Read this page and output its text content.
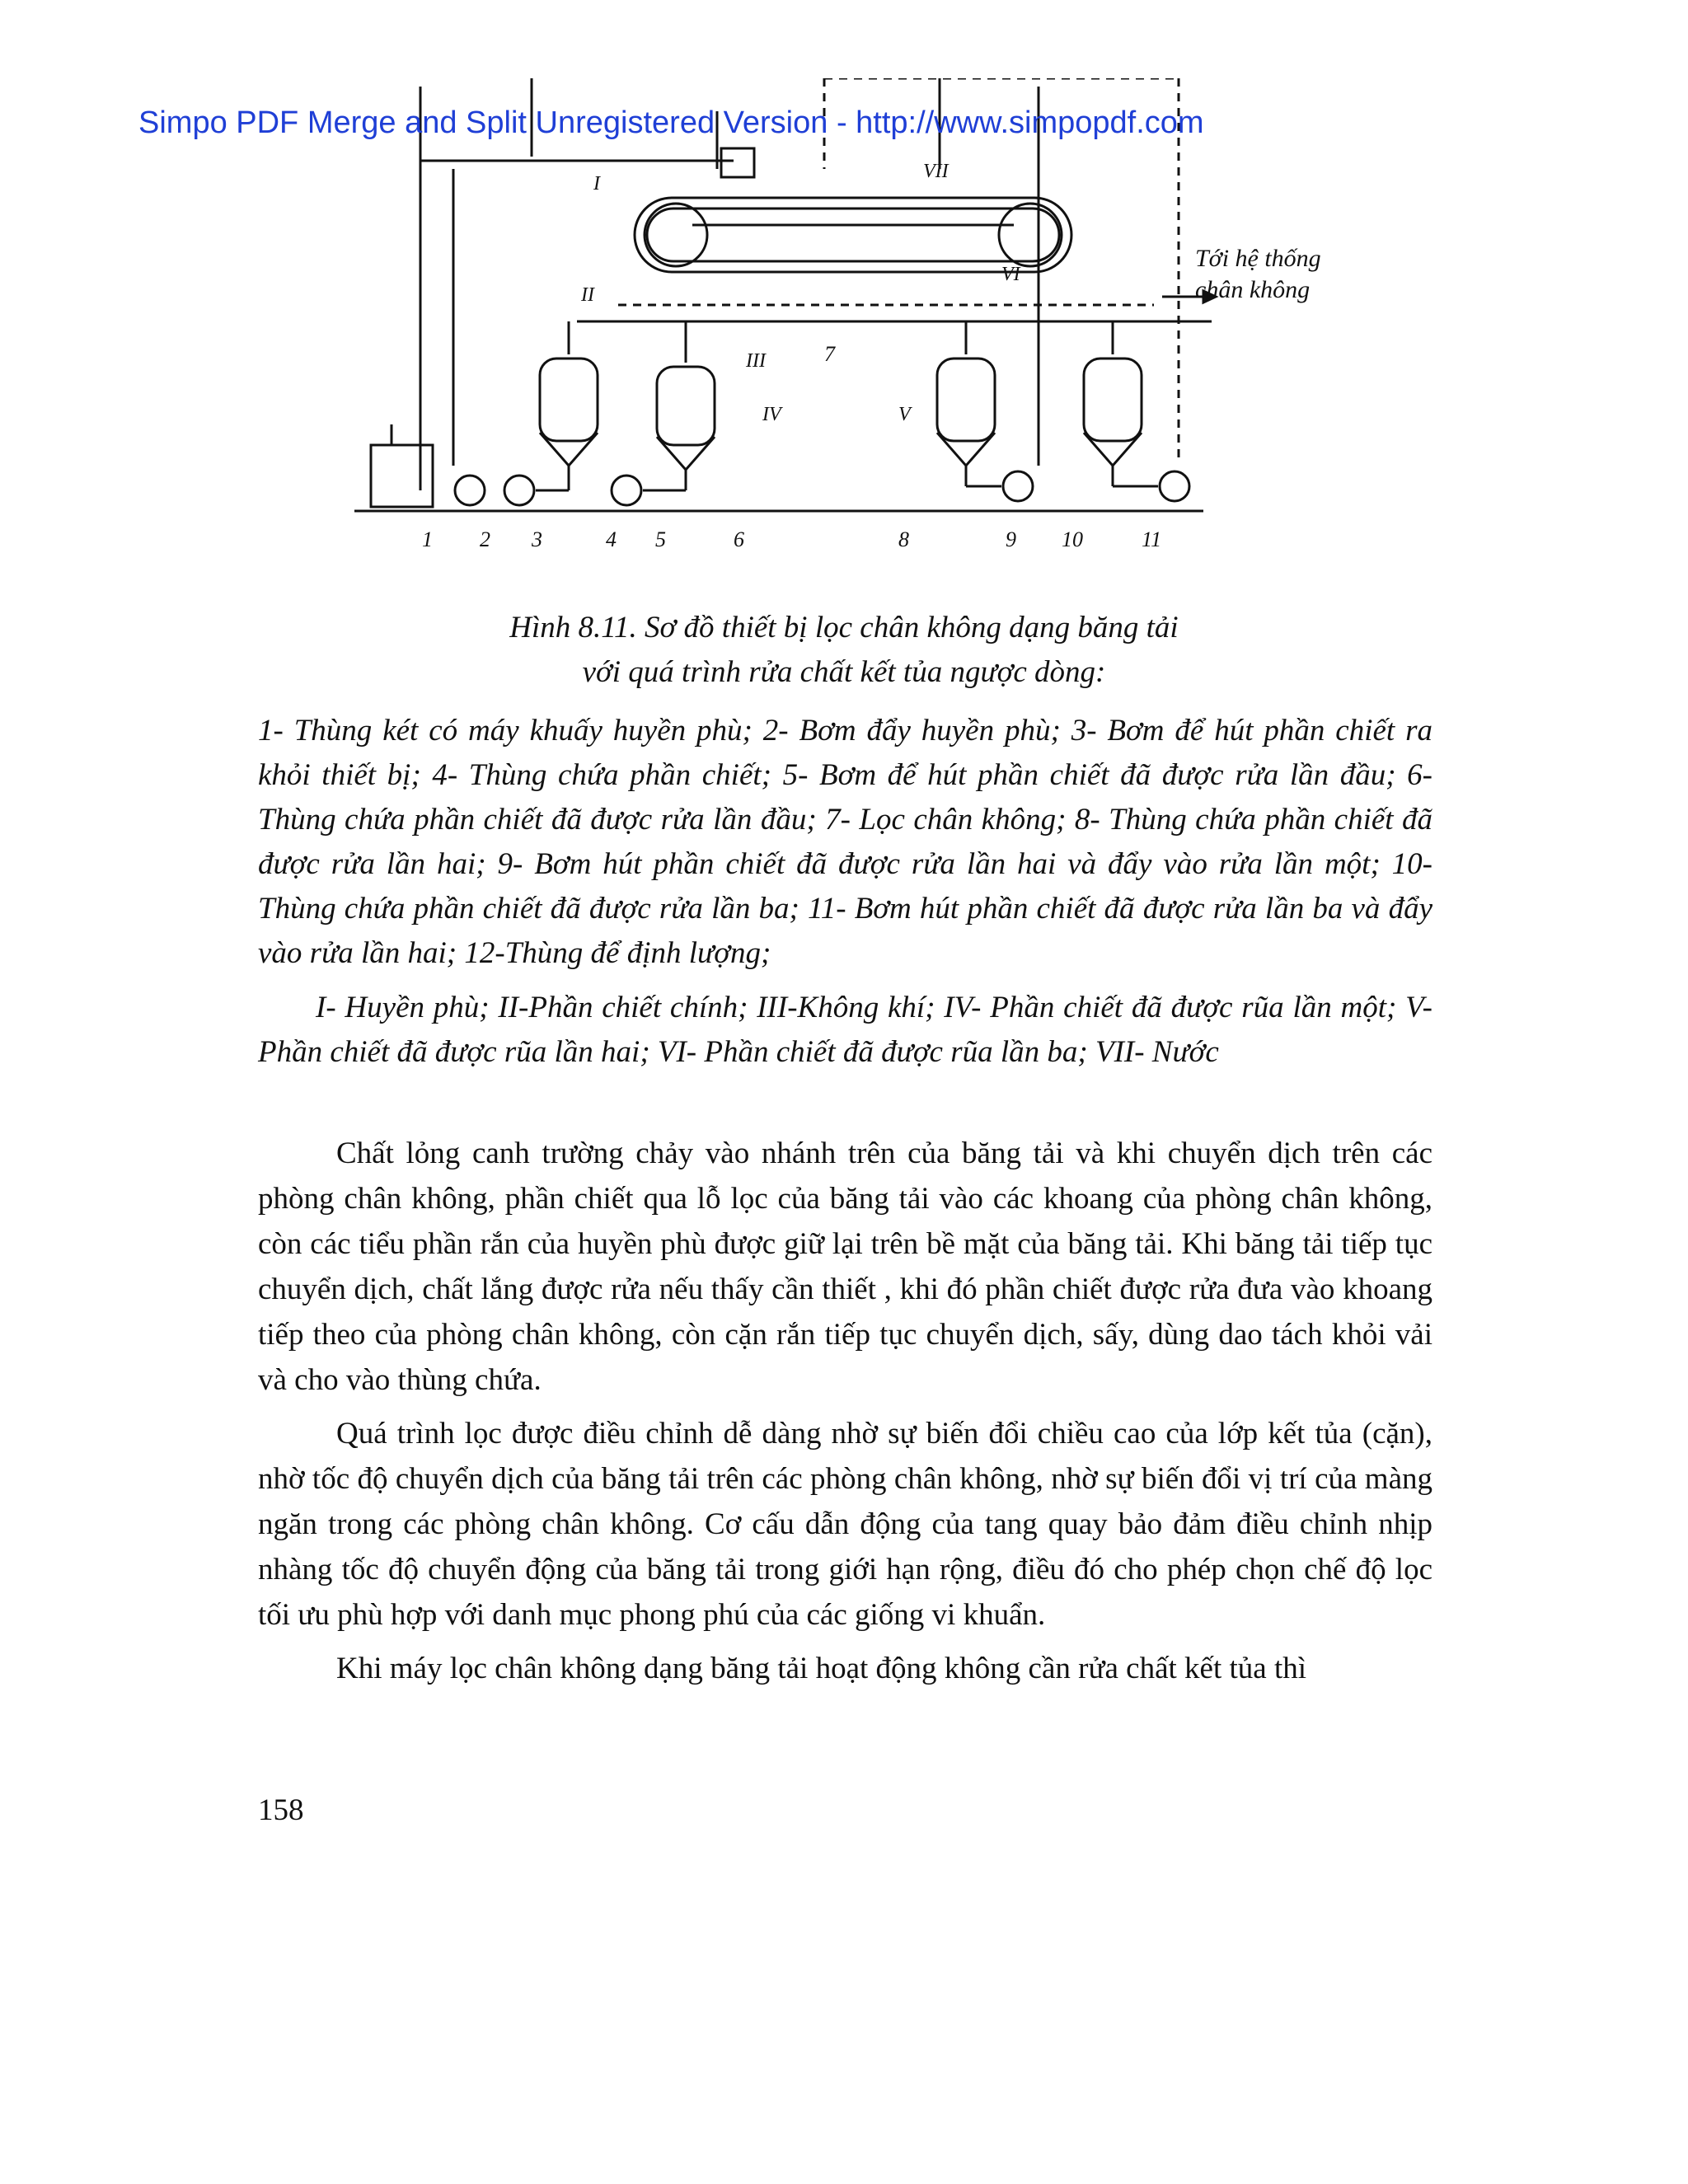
Simpo PDF Merge and Split Unregistered Version - http://www.simpopdf.com
1 2 3	4 5	6
7
8	9 10	11
I
II
III
IV	V
VI
VII
Tới hệ thống
chân không
Hình 8.11. Sơ đồ thiết bị lọc chân không dạng băng tải
với quá trình rửa chất kết tủa ngược dòng:
1- Thùng két có máy khuấy huyền phù; 2- Bơm đẩy huyền phù; 3- Bơm để hút phần chiết ra khỏi thiết bị; 4- Thùng chứa phần chiết; 5- Bơm để hút phần chiết đã được rửa lần đầu; 6-Thùng chứa phần chiết đã được rửa lần đầu; 7- Lọc chân không; 8- Thùng chứa phần chiết đã được rửa lần hai; 9- Bơm hút phần chiết đã được rửa lần hai và đẩy vào rửa lần một; 10- Thùng chứa phần chiết đã được rửa lần ba; 11- Bơm hút phần chiết đã được rửa lần ba và đẩy vào rửa lần hai; 12-Thùng để định lượng;
I- Huyền phù; II-Phần chiết chính; III-Không khí; IV- Phần chiết đã được rũa lần một; V- Phần chiết đã được rũa lần hai; VI- Phần chiết đã được rũa lần ba; VII- Nước

Chất lỏng canh trường chảy vào nhánh trên của băng tải và khi chuyển dịch trên các phòng chân không, phần chiết qua lỗ lọc của băng tải vào các khoang của phòng chân không, còn các tiểu phần rắn của huyền phù được giữ lại trên bề mặt của băng tải. Khi băng tải tiếp tục chuyển dịch, chất lắng được rửa nếu thấy cần thiết , khi đó phần chiết được rửa đưa vào khoang tiếp theo của phòng chân không, còn cặn rắn tiếp tục chuyển dịch, sấy, dùng dao tách khỏi vải và cho vào thùng chứa.

Quá trình lọc được điều chỉnh dễ dàng nhờ sự biến đổi chiều cao của lớp kết tủa (cặn), nhờ tốc độ chuyển dịch của băng tải trên các phòng chân không, nhờ sự biến đổi vị trí của màng ngăn trong các phòng chân không. Cơ cấu dẫn động của tang quay bảo đảm điều chỉnh nhịp nhàng tốc độ chuyển động của băng tải trong giới hạn rộng, điều đó cho phép chọn chế độ lọc tối ưu phù hợp với danh mục phong phú của các giống vi khuẩn.

Khi máy lọc chân không dạng băng tải hoạt động không cần rửa chất kết tủa thì

158
